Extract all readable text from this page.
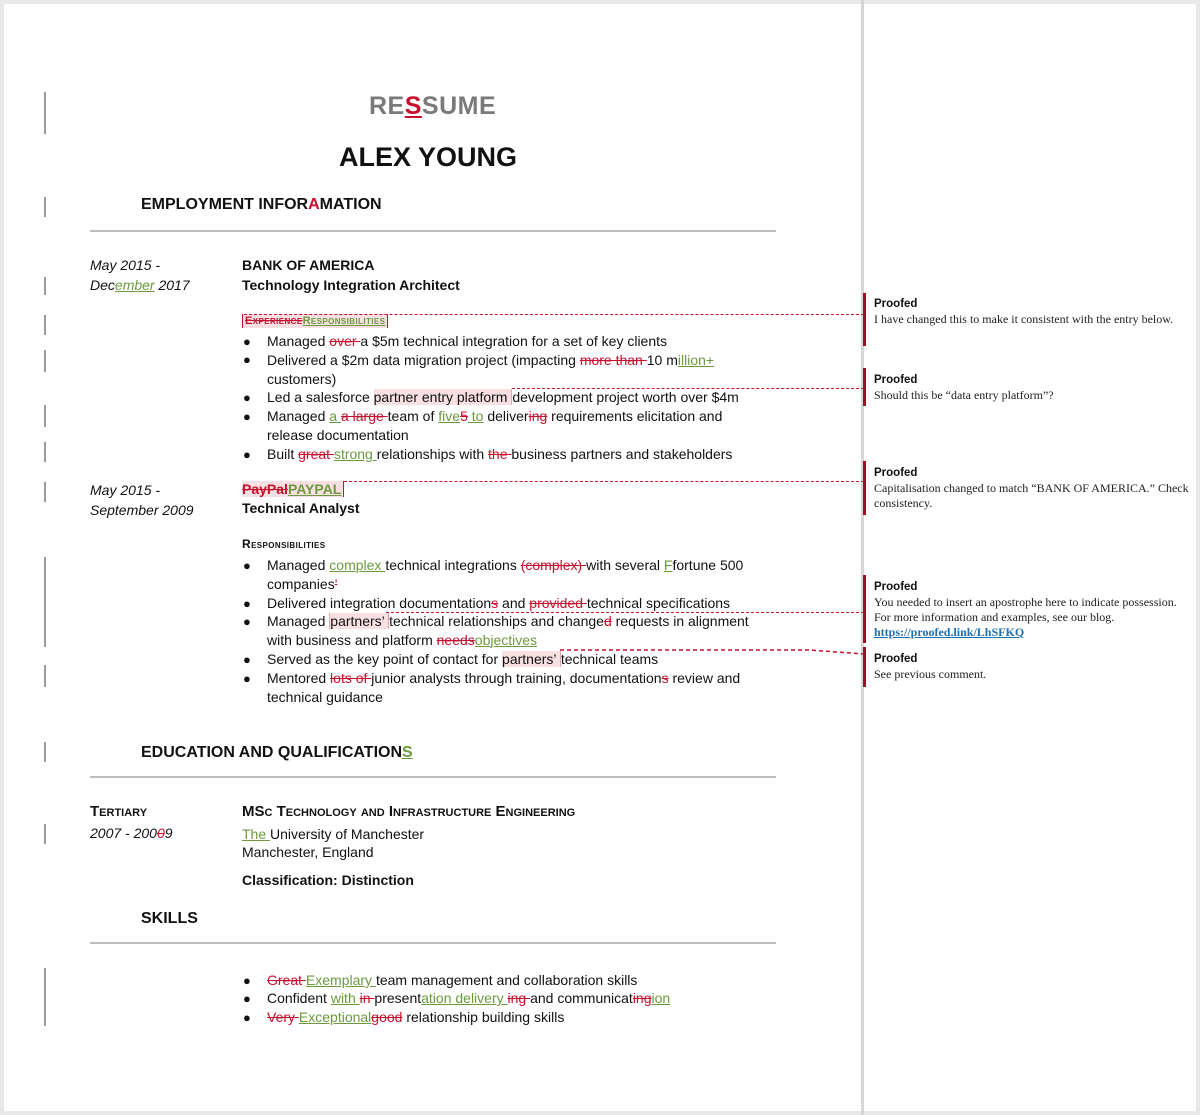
RESSUME
ALEX YOUNG
EMPLOYMENT INFORAMATION
May 2015 -
December 2017
BANK OF AMERICA
Technology Integration Architect
ExperienceResponsibilities
● Managed over a $5m technical integration for a set of key clients
● Delivered a $2m data migration project (impacting more than 10 million+
customers)
● Led a salesforce partner entry platform development project worth over $4m
● Managed a a large team of five5 to delivering requirements elicitation and
release documentation
● Built great strong relationships with the business partners and stakeholders
May 2015 -
September 2009
PayPalPAYPAL
Technical Analyst
Responsibilities
● Managed complex technical integrations (complex) with several Ffortune 500
companies'
● Delivered integration documentations and provided technical specifications
● Managed partners’ technical relationships and changed requests in alignment
with business and platform needsobjectives
● Served as the key point of contact for partners’ technical teams
● Mentored lots of junior analysts through training, documentations review and
technical guidance
EDUCATION AND QUALIFICATIONS
Tertiary
2007 - 20009
MSc Technology and Infrastructure Engineering
The University of Manchester
Manchester, England
Classification: Distinction
SKILLS
● Great Exemplary team management and collaboration skills
● Confident with in presentation delivery ing and communicatingion
● Very Exceptionalgood relationship building skills
Proofed
I have changed this to make it consistent with the entry below.
Proofed
Should this be “data entry platform”?
Proofed
Capitalisation changed to match “BANK OF AMERICA.” Check consistency.
Proofed
You needed to insert an apostrophe here to indicate possession. For more information and examples, see our blog.
https://proofed.link/LhSFKQ
Proofed
See previous comment.
